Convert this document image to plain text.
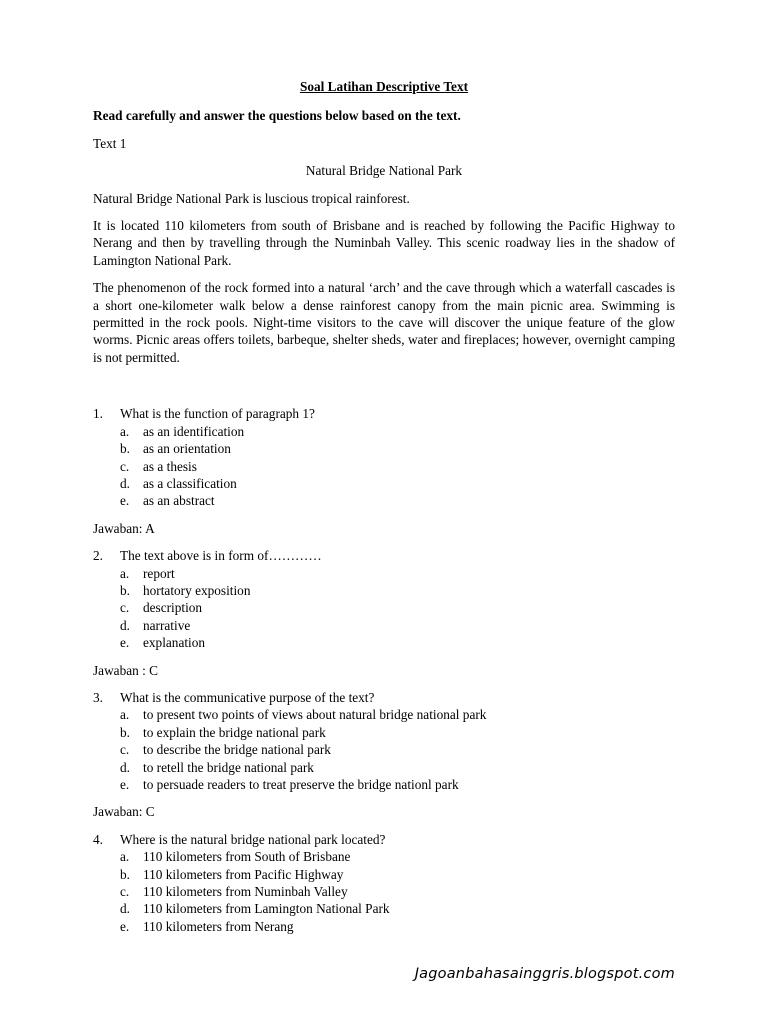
Soal Latihan Descriptive Text
Read carefully and answer the questions below based on the text.
Text 1
Natural Bridge National Park
Natural Bridge National Park is luscious tropical rainforest.
It is located 110 kilometers from south of Brisbane and is reached by following the Pacific Highway to Nerang and then by travelling through the Numinbah Valley. This scenic roadway lies in the shadow of Lamington National Park.
The phenomenon of the rock formed into a natural ‘arch’ and the cave through which a waterfall cascades is a short one-kilometer walk below a dense rainforest canopy from the main picnic area. Swimming is permitted in the rock pools. Night-time visitors to the cave will discover the unique feature of the glow worms. Picnic areas offers toilets, barbeque, shelter sheds, water and fireplaces; however, overnight camping is not permitted.
1.	What is the function of paragraph 1?
a.	as an identification
b. as an orientation
c.	as a thesis
d. as a classification
e.	as an abstract
Jawaban: A
2.	The text above is in form of…………
a.	report
b. hortatory exposition
c.	description
d. narrative
e.	explanation
Jawaban : C
3.	What is the communicative purpose of the text?
a.	to present two points of views about natural bridge national park
b. to explain the bridge national park
c.	to describe the bridge national park
d. to retell the bridge national park
e.	to persuade readers to treat preserve the bridge nationl park
Jawaban: C
4.	Where is the natural bridge national park located?
a.	110 kilometers from South of Brisbane
b. 110 kilometers from Pacific Highway
c.	110 kilometers from Numinbah Valley
d. 110 kilometers from Lamington National Park
e.	110 kilometers from Nerang
Jagoanbahasainggris.blogspot.com
